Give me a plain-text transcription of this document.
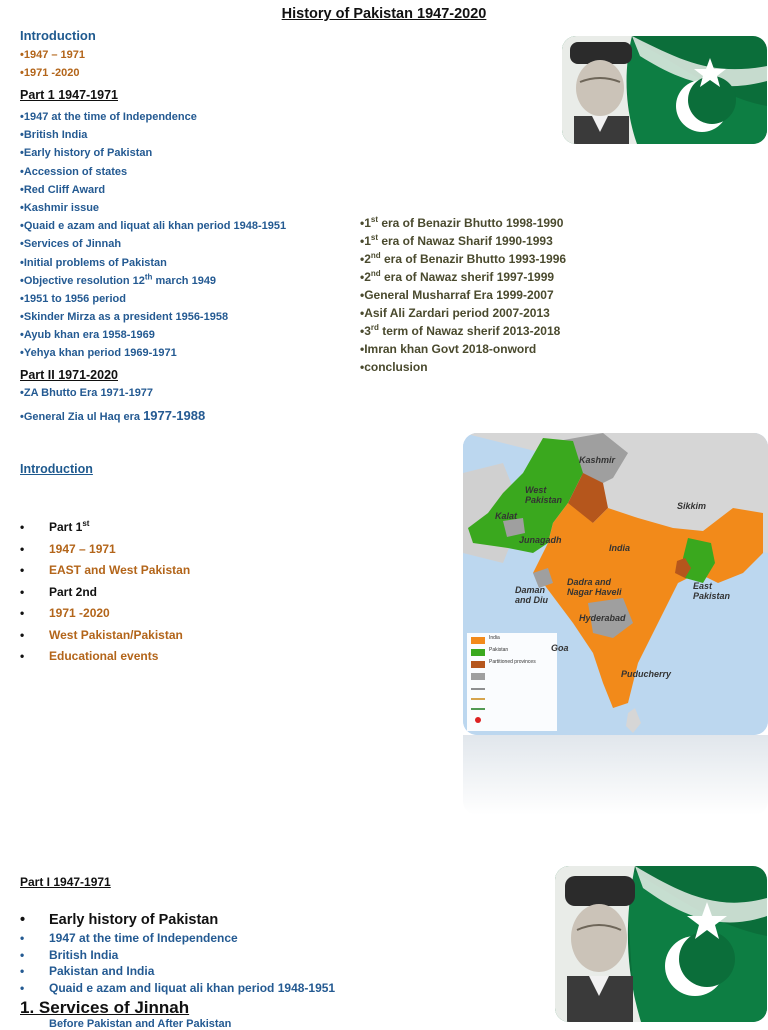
History of Pakistan 1947-2020
Introduction
•1947 – 1971
•1971 -2020
Part 1 1947-1971
•1947 at the time of Independence
•British India
•Early history of Pakistan
•Accession of states
•Red Cliff Award
•Kashmir issue
•Quaid e azam and liquat ali khan period 1948-1951
•Services of Jinnah
•Initial problems of Pakistan
•Objective resolution 12th march 1949
•1951 to 1956 period
•Skinder Mirza as a president 1956-1958
•Ayub khan era 1958-1969
•Yehya khan period 1969-1971
Part II 1971-2020
•ZA Bhutto Era 1971-1977
•General Zia ul Haq era 1977-1988
•1st era of Benazir Bhutto 1998-1990
•1st era of Nawaz Sharif 1990-1993
•2nd era of Benazir Bhutto 1993-1996
•2nd era of Nawaz sherif 1997-1999
•General Musharraf Era 1999-2007
•Asif Ali Zardari period 2007-2013
•3rd term of Nawaz sherif 2013-2018
•Imran khan Govt 2018-onword
•conclusion
Introduction
• Part 1st
• 1947 – 1971
• EAST and West Pakistan
• Part 2nd
• 1971 -2020
• West Pakistan/Pakistan
• Educational events
Kashmir
West Pakistan
Kalat
India
Sikkim
East Pakistan
Junagadh
Dadra and Nagar Haveli
Daman and Diu
Hyderabad
Goa
Puducherry
India
Pakistan
Partitioned provinces
Part I 1947-1971
• Early history of Pakistan
• 1947 at the time of Independence
• British India
• Pakistan and India
• Quaid e azam and liquat ali khan period 1948-1951
1. Services of Jinnah
Before Pakistan and After Pakistan
